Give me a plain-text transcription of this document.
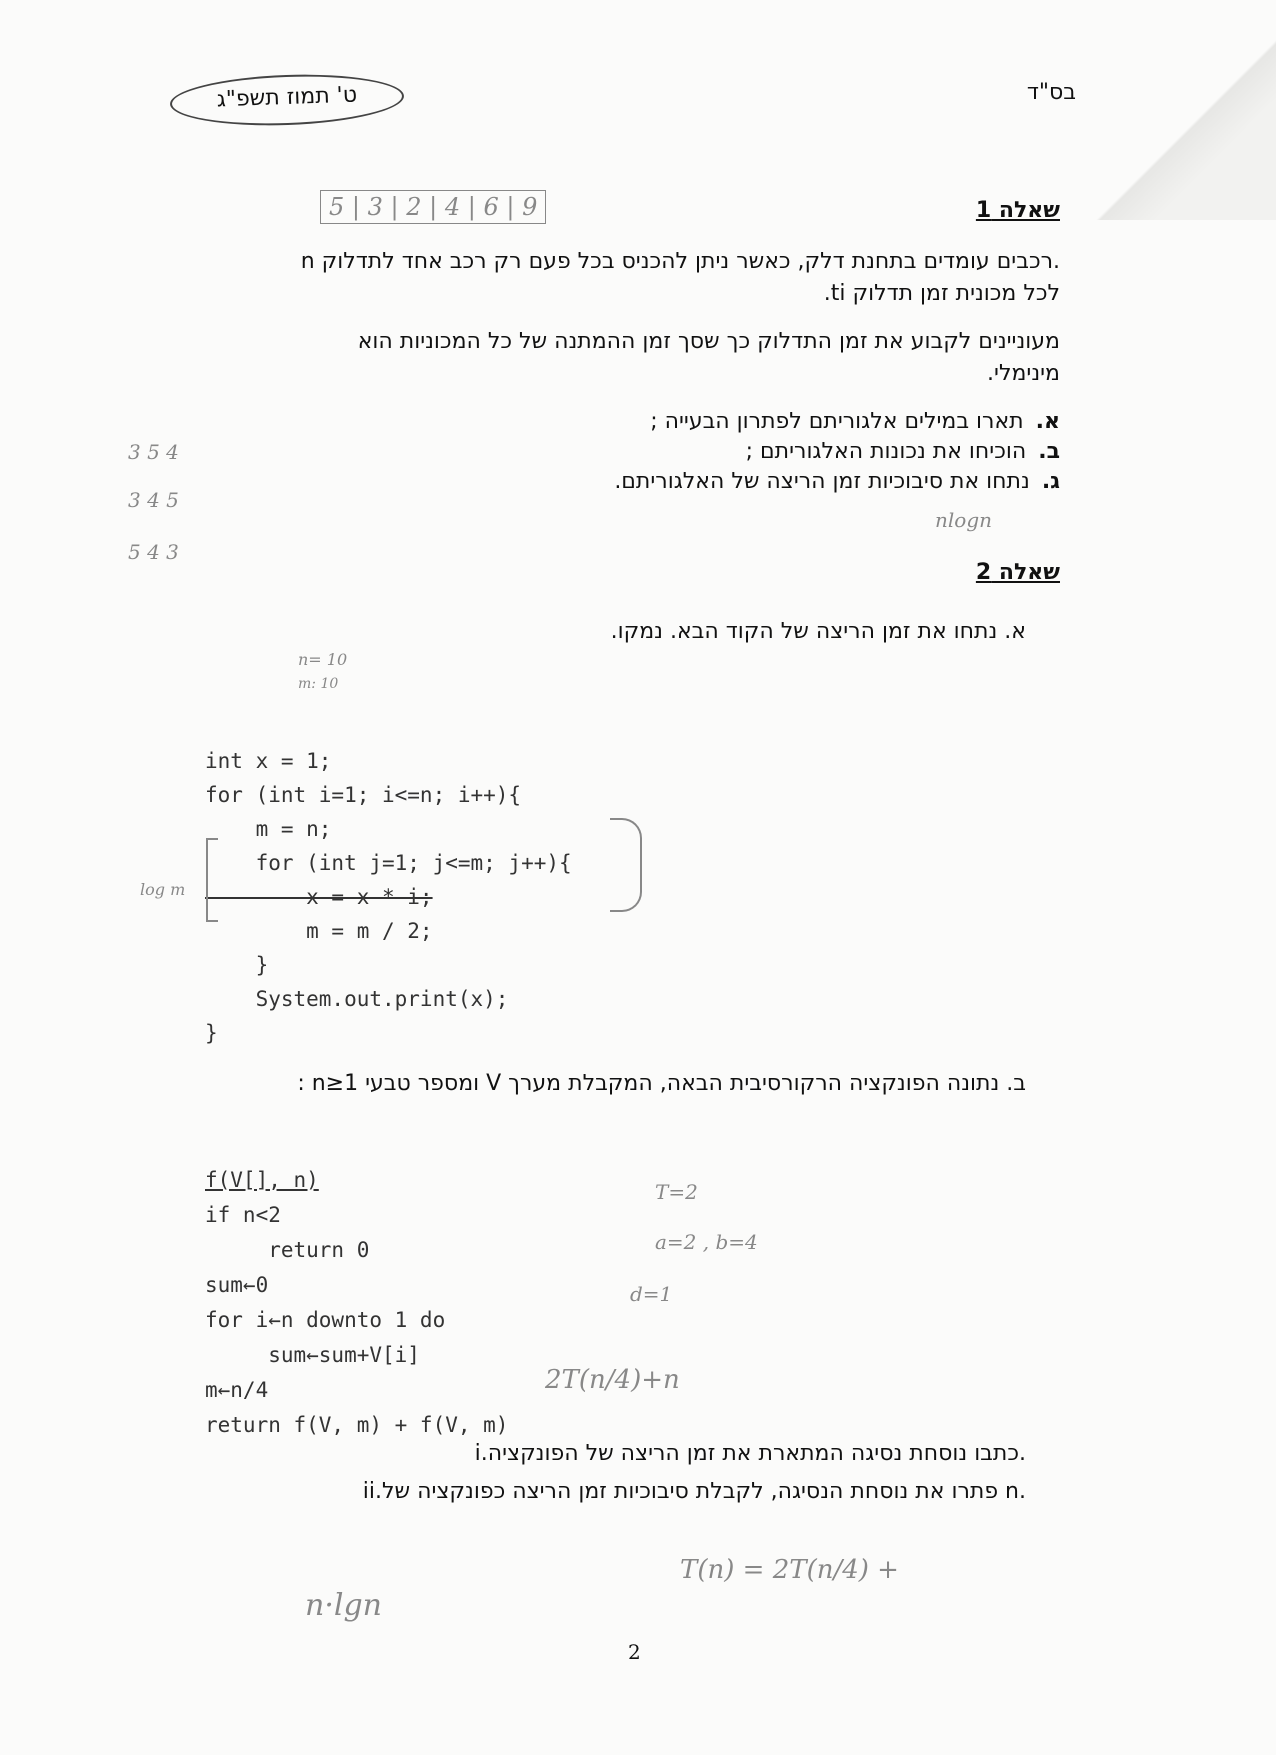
ט' תמוז תשפ"ג	בס"ד
5 | 3 | 2 | 4 | 6 | 9	שאלה 1
n רכבים עומדים בתחנת דלק, כאשר ניתן להכניס בכל פעם רק רכב אחד לתדלוק.
לכל מכונית זמן תדלוק ti.
מעוניינים לקבוע את זמן התדלוק כך שסך זמן ההמתנה של כל המכוניות הוא
מינימלי.
א.תארו במילים אלגוריתם לפתרון הבעייה ;
ב.הוכיחו את נכונות האלגוריתם ;
ג.נתחו את סיבוכיות זמן הריצה של האלגוריתם.
3 5 4
3 4 5
5 4 3
nlogn
שאלה 2
א. נתחו את זמן הריצה של הקוד הבא. נמקו.
n= 10
m: 10

int x = 1;
for (int i=1; i<=n; i++){
m = n;
for (int j=1; j<=m; j++){
x = x * i;
m = m / 2;
}
System.out.print(x);
}

log m
ב. נתונה הפונקציה הרקורסיבית הבאה, המקבלת מערך V ומספר טבעי n≥1 :

f(V[], n)
if n<2
return 0
sum←0
for i←n downto 1 do
sum←sum+V[i]
m←n/4
return f(V, m) + f(V, m)

2T(n/4)+n
T=2
a=2 , b=4
d=1
i.כתבו נוסחת נסיגה המתארת את זמן הריצה של הפונקציה.
ii.פתרו את נוסחת הנסיגה, לקבלת סיבוכיות זמן הריצה כפונקציה של n.
T(n) = 2T(n/4) +
n·lgn
2
